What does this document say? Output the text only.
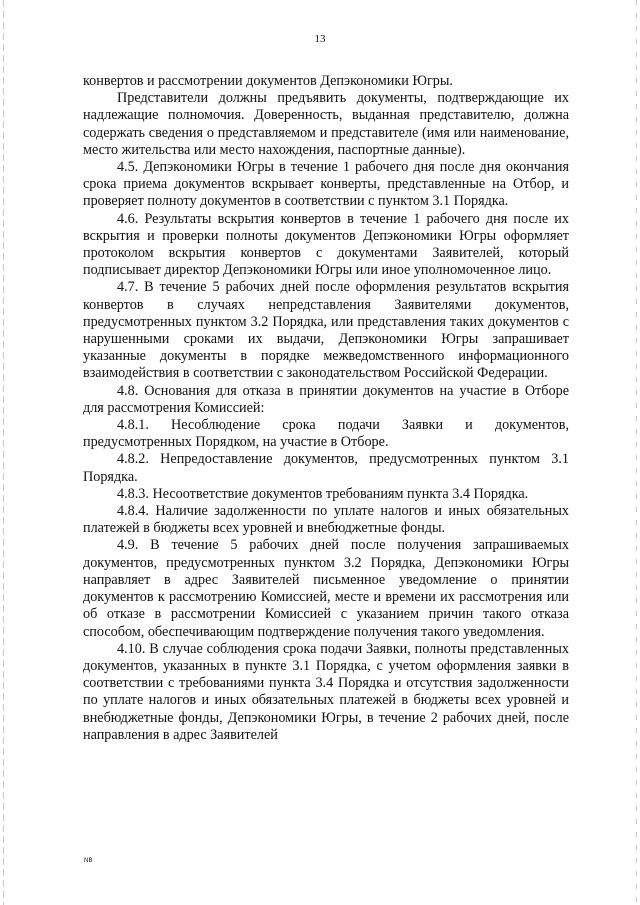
13

конвертов и рассмотрении документов Депэкономики Югры.

Представители должны предъявить документы, подтверждающие их надлежащие полномочия. Доверенность, выданная представителю, должна содержать сведения о представляемом и представителе (имя или наименование, место жительства или место нахождения, паспортные данные).

4.5. Депэкономики Югры в течение 1 рабочего дня после дня окончания срока приема документов вскрывает конверты, представленные на Отбор, и проверяет полноту документов в соответствии с пунктом 3.1 Порядка.

4.6. Результаты вскрытия конвертов в течение 1 рабочего дня после их вскрытия и проверки полноты документов Депэкономики Югры оформляет протоколом вскрытия конвертов с документами Заявителей, который подписывает директор Депэкономики Югры или иное уполномоченное лицо.

4.7. В течение 5 рабочих дней после оформления результатов вскрытия конвертов в случаях непредставления Заявителями документов, предусмотренных пунктом 3.2 Порядка, или представления таких документов с нарушенными сроками их выдачи, Депэкономики Югры запрашивает указанные документы в порядке межведомственного информационного взаимодействия в соответствии с законодательством Российской Федерации.

4.8. Основания для отказа в принятии документов на участие в Отборе для рассмотрения Комиссией:

4.8.1. Несоблюдение срока подачи Заявки и документов, предусмотренных Порядком, на участие в Отборе.

4.8.2. Непредоставление документов, предусмотренных пунктом 3.1 Порядка.

4.8.3. Несоответствие документов требованиям пункта 3.4 Порядка.

4.8.4. Наличие задолженности по уплате налогов и иных обязательных платежей в бюджеты всех уровней и внебюджетные фонды.

4.9. В течение 5 рабочих дней после получения запрашиваемых документов, предусмотренных пунктом 3.2 Порядка, Депэкономики Югры направляет в адрес Заявителей письменное уведомление о принятии документов к рассмотрению Комиссией, месте и времени их рассмотрения или об отказе в рассмотрении Комиссией с указанием причин такого отказа способом, обеспечивающим подтверждение получения такого уведомления.

4.10. В случае соблюдения срока подачи Заявки, полноты представленных документов, указанных в пункте 3.1 Порядка, с учетом оформления заявки в соответствии с требованиями пункта 3.4 Порядка и отсутствия задолженности по уплате налогов и иных обязательных платежей в бюджеты всех уровней и внебюджетные фонды, Депэкономики Югры, в течение 2 рабочих дней, после направления в адрес Заявителей

NB
